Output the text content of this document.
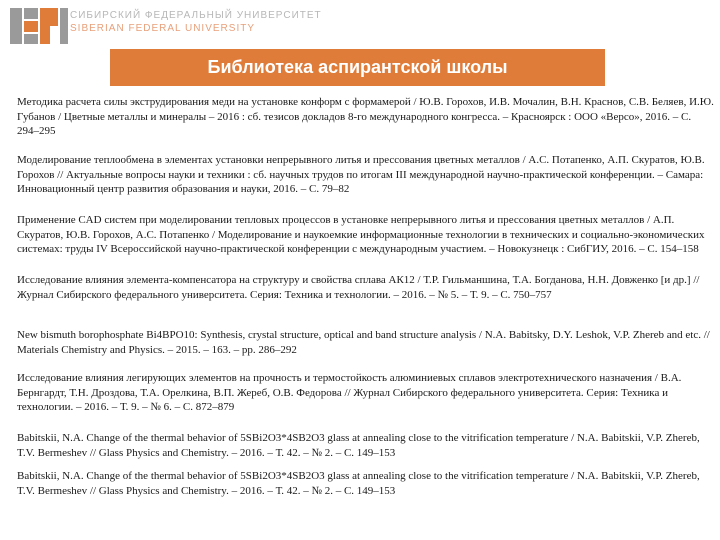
СИБИРСКИЙ ФЕДЕРАЛЬНЫЙ УНИВЕРСИТЕТ
SIBERIAN FEDERAL UNIVERSITY
Библиотека аспирантской школы

Методика расчета силы экструдирования меди на установке конформ с формамерой / Ю.В. Горохов, И.В. Мочалин, В.Н. Краснов, С.В. Беляев, И.Ю. Губанов / Цветные металлы и минералы – 2016 : сб. тезисов докладов 8-го международного конгресса. – Красноярск : ООО «Версо», 2016. – С. 294–295

Моделирование теплообмена в элементах установки непрерывного литья и прессования цветных металлов / А.С. Потапенко, А.П. Скуратов, Ю.В. Горохов // Актуальные вопросы науки и техники : сб. научных трудов по итогам III международной научно-практической конференции. – Самара: Инновационный центр развития образования и науки, 2016. – С. 79–82

Применение CAD систем при моделировании тепловых процессов в установке непрерывного литья и прессования цветных металлов / А.П. Скуратов, Ю.В. Горохов, А.С. Потапенко / Моделирование и наукоемкие информационные технологии в технических и социально-экономических системах: труды IV Всероссийской научно-практической конференции с международным участием. – Новокузнецк : СибГИУ, 2016. – С. 154–158

Исследование влияния элемента-компенсатора на структуру и свойства сплава АК12 / Т.Р. Гильманшина, Т.А. Богданова, Н.Н. Довженко [и др.] // Журнал Сибирского федерального университета. Серия: Техника и технологии. – 2016. – № 5. – Т. 9. – С. 750–757

New bismuth borophosphate Bi4BPO10: Synthesis, crystal structure, optical and band structure analysis / N.A. Babitsky, D.Y. Leshok, V.P. Zhereb and etc. // Materials Chemistry and Physics. – 2015. – 163. – pp. 286–292

Исследование влияния легирующих элементов на прочность и термостойкость алюминиевых сплавов электротехнического назначения / В.А. Бернгардт, Т.Н. Дроздова, Т.А. Орелкина, В.П. Жереб, О.В. Федорова // Журнал Сибирского федерального университета. Серия: Техника и технологии. – 2016. – Т. 9. – № 6. – С. 872–879

Babitskii, N.A. Change of the thermal behavior of 5SBi2O3*4SB2O3 glass at annealing close to the vitrification temperature / N.A. Babitskii, V.P. Zhereb, T.V. Bermeshev // Glass Physics and Chemistry. – 2016. – Т. 42. – № 2. – С. 149–153

Babitskii, N.A. Change of the thermal behavior of 5SBi2O3*4SB2O3 glass at annealing close to the vitrification temperature / N.A. Babitskii, V.P. Zhereb, T.V. Bermeshev // Glass Physics and Chemistry. – 2016. – Т. 42. – № 2. – С. 149–153
